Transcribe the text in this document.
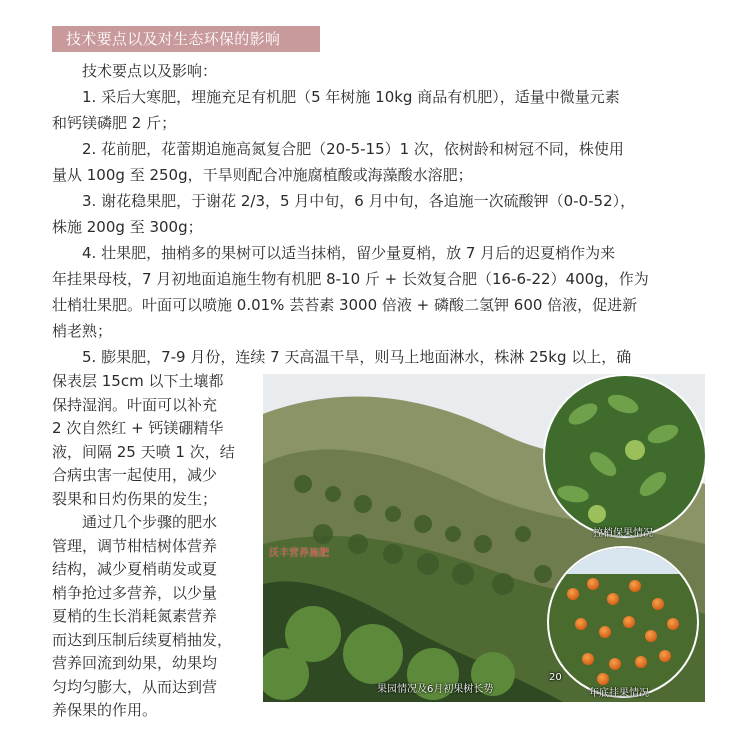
技术要点以及对生态环保的影响
技术要点以及影响：
1. 采后大寒肥，埋施充足有机肥（5 年树施 10kg 商品有机肥），适量中微量元素
和钙镁磷肥 2 斤；
2. 花前肥，花蕾期追施高氮复合肥（20-5-15）1 次，依树龄和树冠不同，株使用
量从 100g 至 250g，干旱则配合冲施腐植酸或海藻酸水溶肥；
3. 谢花稳果肥，于谢花 2/3，5 月中旬，6 月中旬，各追施一次硫酸钾（0-0-52），
株施 200g 至 300g；
4. 壮果肥，抽梢多的果树可以适当抹梢，留少量夏梢，放 7 月后的迟夏梢作为来
年挂果母枝，7 月初地面追施生物有机肥 8-10 斤 + 长效复合肥（16-6-22）400g，作为
壮梢壮果肥。叶面可以喷施 0.01% 芸苔素 3000 倍液 + 磷酸二氢钾 600 倍液，促进新
梢老熟；
5. 膨果肥，7-9 月份，连续 7 天高温干旱，则马上地面淋水，株淋 25kg 以上，确
保表层 15cm 以下土壤都
保持湿润。叶面可以补充
2 次自然红 + 钙镁硼精华
液，间隔 25 天喷 1 次，结
合病虫害一起使用，减少
裂果和日灼伤果的发生；
通过几个步骤的肥水
管理，调节柑桔树体营养
结构，减少夏梢萌发或夏
梢争抢过多营养，以少量
夏梢的生长消耗氮素营养
而达到压制后续夏梢抽发，
营养回流到幼果，幼果均
匀均匀膨大，从而达到营
沃丰营养施肥
果园情况及6月初果树长势
控梢保果情况
年底挂果情况
20
养保果的作用。
